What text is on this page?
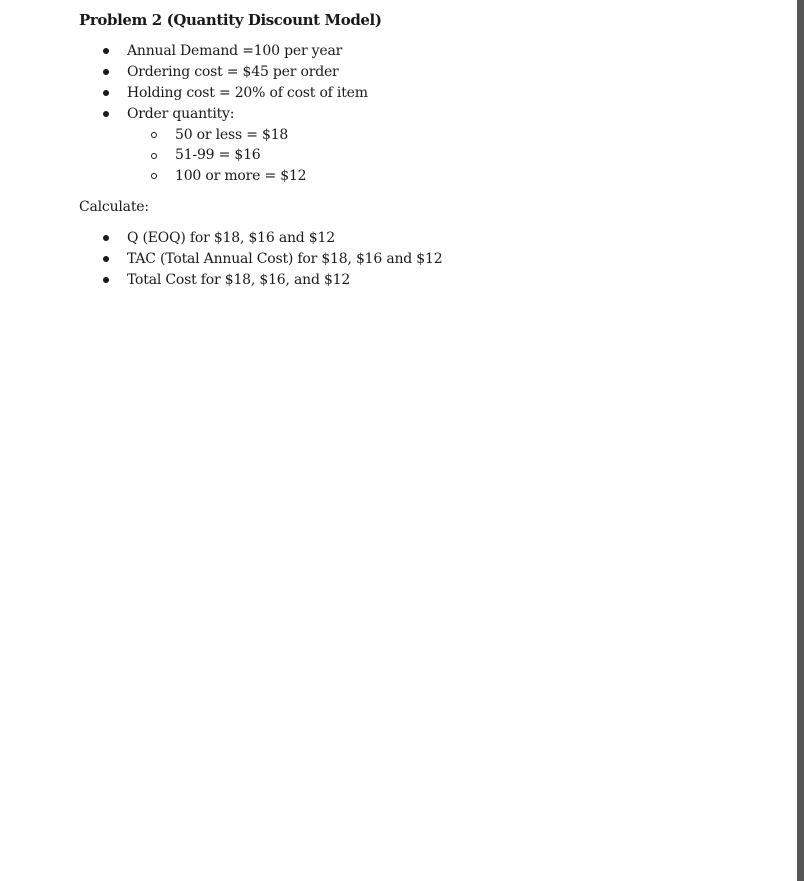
Problem 2 (Quantity Discount Model)
Annual Demand =100 per year
Ordering cost = $45 per order
Holding cost = 20% of cost of item
Order quantity:
50 or less = $18
51-99 = $16
100 or more = $12
Calculate:
Q (EOQ) for $18, $16 and $12
TAC (Total Annual Cost) for $18, $16 and $12
Total Cost for $18, $16, and $12
